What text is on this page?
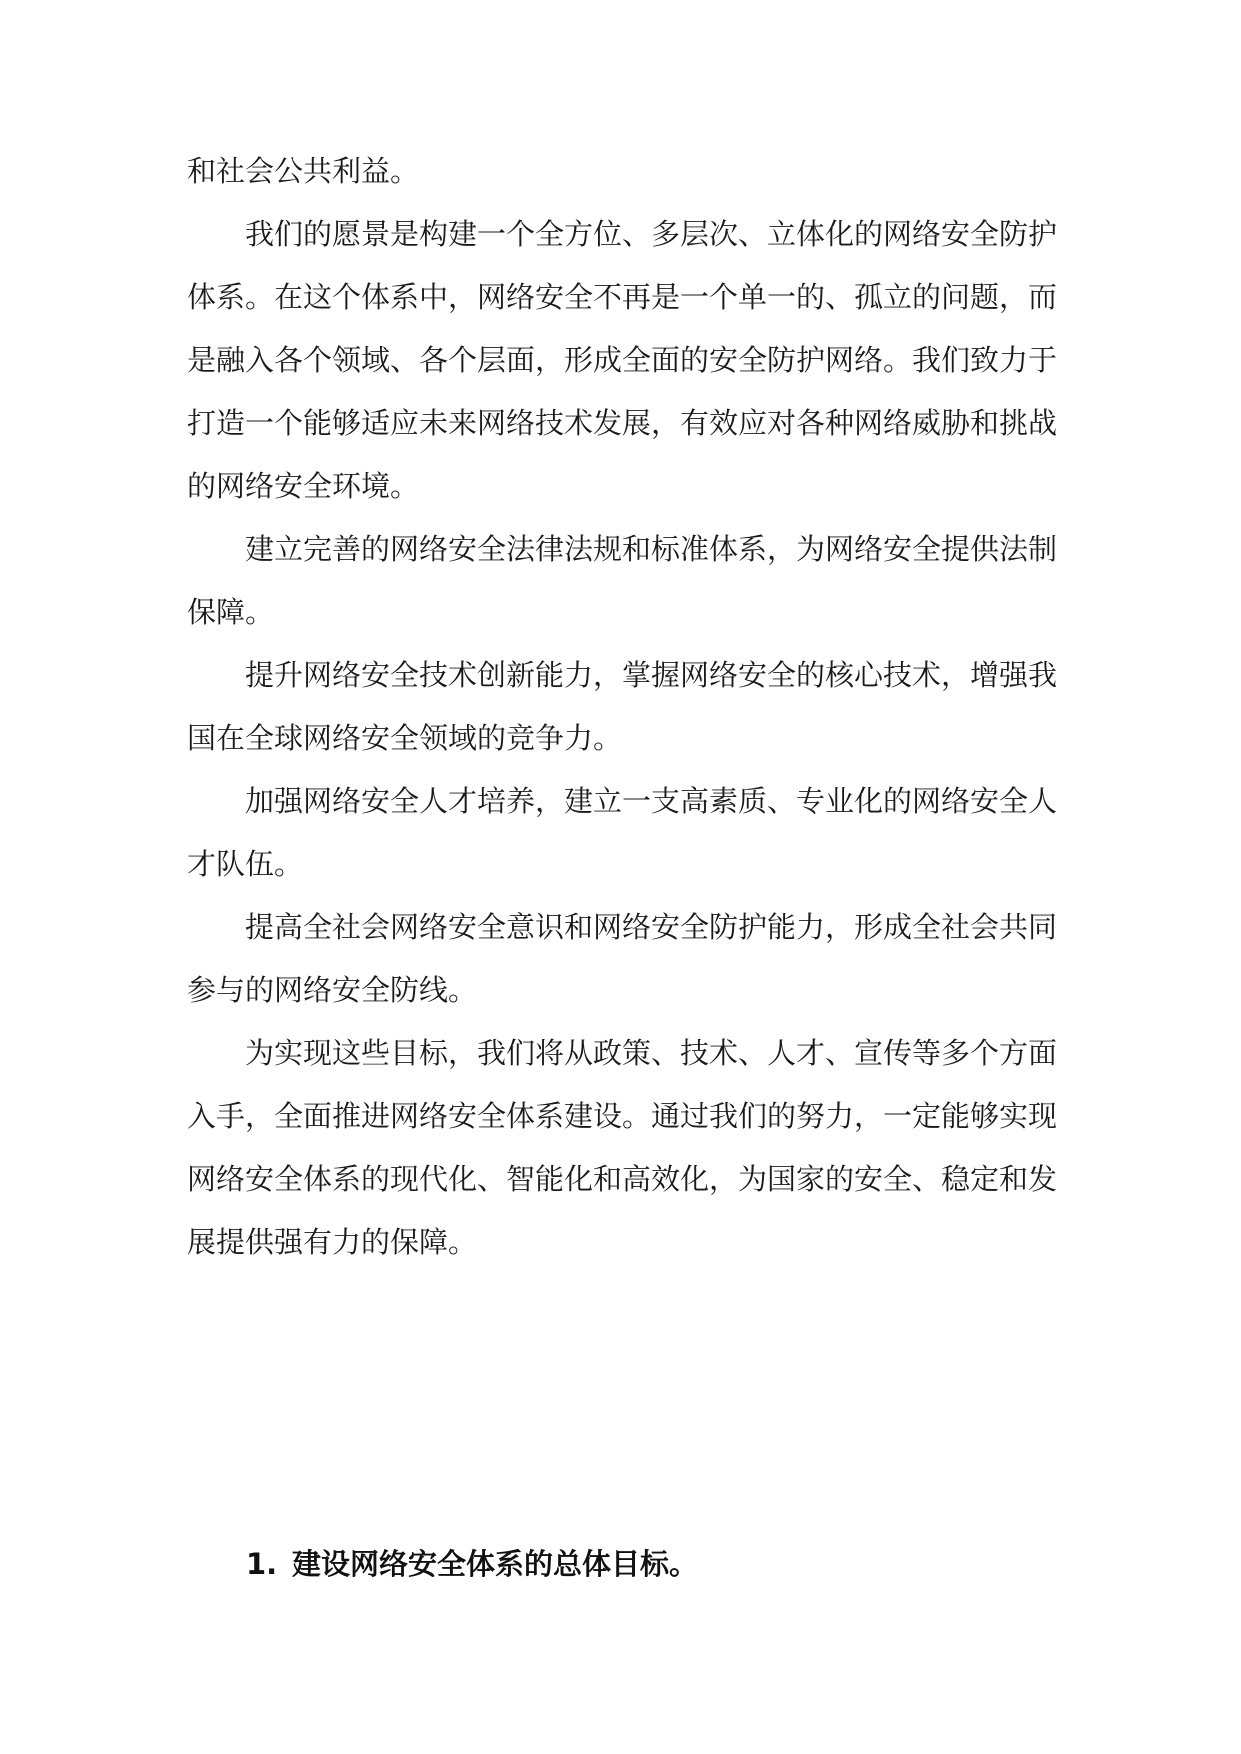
和社会公共利益。

我们的愿景是构建一个全方位、多层次、立体化的网络安全防护体系。在这个体系中，网络安全不再是一个单一的、孤立的问题，而是融入各个领域、各个层面，形成全面的安全防护网络。我们致力于打造一个能够适应未来网络技术发展，有效应对各种网络威胁和挑战的网络安全环境。

建立完善的网络安全法律法规和标准体系，为网络安全提供法制保障。

提升网络安全技术创新能力，掌握网络安全的核心技术，增强我国在全球网络安全领域的竞争力。

加强网络安全人才培养，建立一支高素质、专业化的网络安全人才队伍。

提高全社会网络安全意识和网络安全防护能力，形成全社会共同参与的网络安全防线。

为实现这些目标，我们将从政策、技术、人才、宣传等多个方面入手，全面推进网络安全体系建设。通过我们的努力，一定能够实现网络安全体系的现代化、智能化和高效化，为国家的安全、稳定和发展提供强有力的保障。

1. 建设网络安全体系的总体目标。
